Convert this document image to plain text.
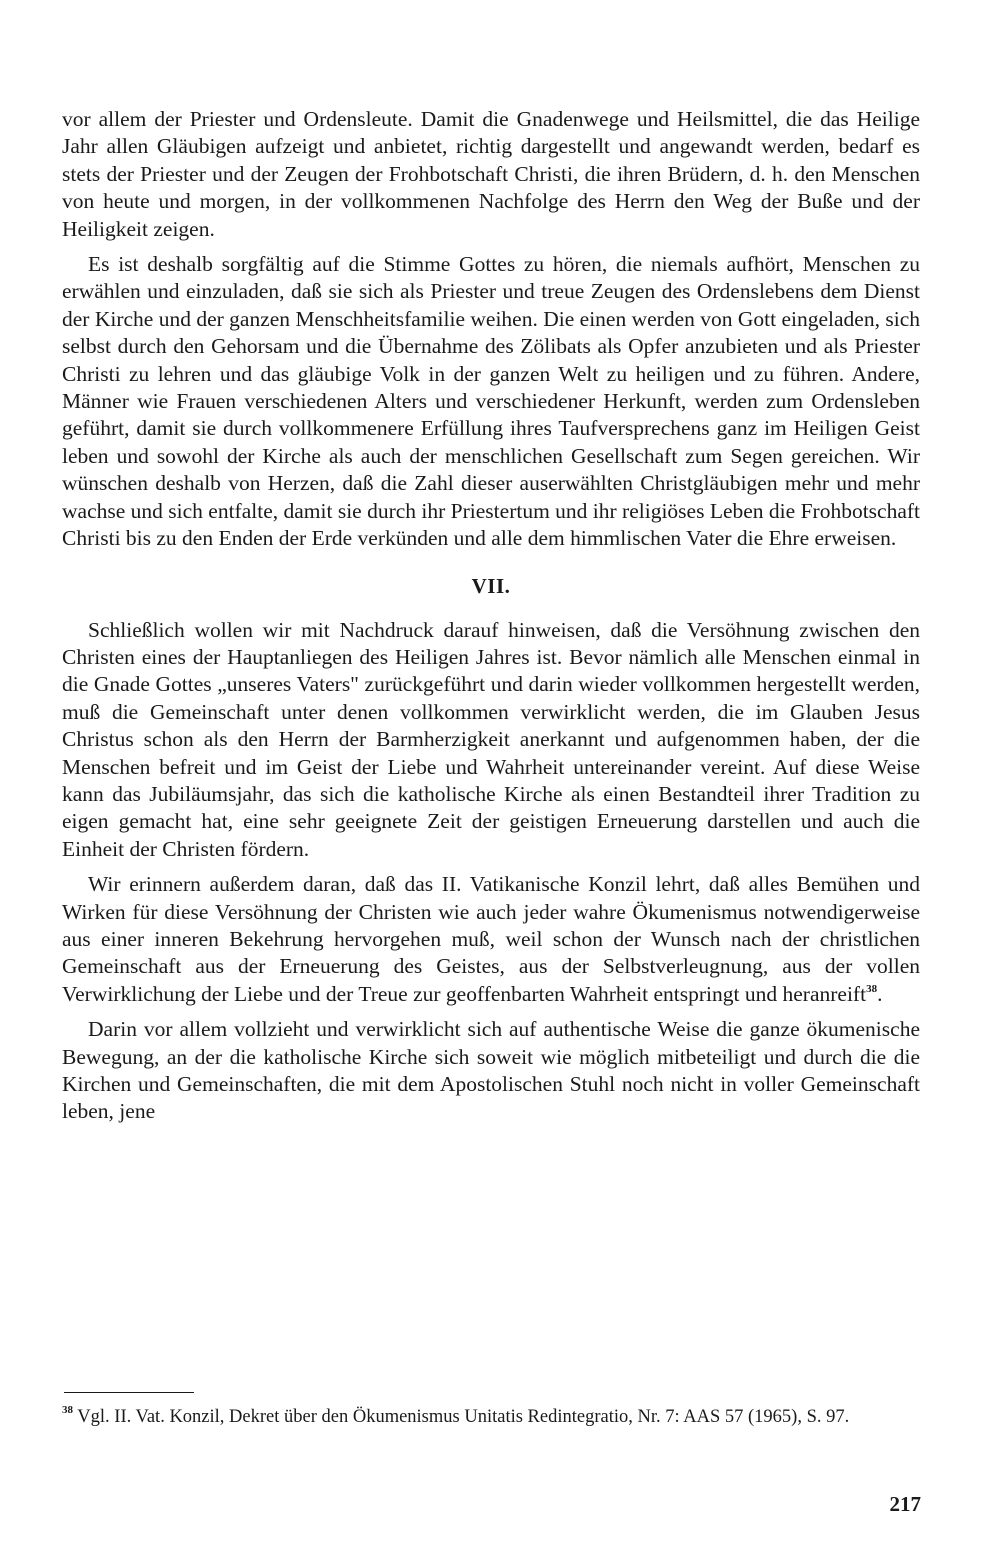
vor allem der Priester und Ordensleute. Damit die Gnadenwege und Heilsmittel, die das Heilige Jahr allen Gläubigen aufzeigt und anbietet, richtig dargestellt und angewandt werden, bedarf es stets der Priester und der Zeugen der Frohbotschaft Christi, die ihren Brüdern, d. h. den Menschen von heute und morgen, in der vollkommenen Nachfolge des Herrn den Weg der Buße und der Heiligkeit zeigen.

Es ist deshalb sorgfältig auf die Stimme Gottes zu hören, die niemals aufhört, Menschen zu erwählen und einzuladen, daß sie sich als Priester und treue Zeugen des Ordenslebens dem Dienst der Kirche und der ganzen Menschheitsfamilie weihen. Die einen werden von Gott eingeladen, sich selbst durch den Gehorsam und die Übernahme des Zölibats als Opfer anzubieten und als Priester Christi zu lehren und das gläubige Volk in der ganzen Welt zu heiligen und zu führen. Andere, Männer wie Frauen verschiedenen Alters und verschiedener Herkunft, werden zum Ordensleben geführt, damit sie durch vollkommenere Erfüllung ihres Taufversprechens ganz im Heiligen Geist leben und sowohl der Kirche als auch der menschlichen Gesellschaft zum Segen gereichen. Wir wünschen deshalb von Herzen, daß die Zahl dieser auserwählten Christgläubigen mehr und mehr wachse und sich entfalte, damit sie durch ihr Priestertum und ihr religiöses Leben die Frohbotschaft Christi bis zu den Enden der Erde verkünden und alle dem himmlischen Vater die Ehre erweisen.

VII.

Schließlich wollen wir mit Nachdruck darauf hinweisen, daß die Versöhnung zwischen den Christen eines der Hauptanliegen des Heiligen Jahres ist. Bevor nämlich alle Menschen einmal in die Gnade Gottes „unseres Vaters" zurückgeführt und darin wieder vollkommen hergestellt werden, muß die Gemeinschaft unter denen vollkommen verwirklicht werden, die im Glauben Jesus Christus schon als den Herrn der Barmherzigkeit anerkannt und aufgenommen haben, der die Menschen befreit und im Geist der Liebe und Wahrheit untereinander vereint. Auf diese Weise kann das Jubiläumsjahr, das sich die katholische Kirche als einen Bestandteil ihrer Tradition zu eigen gemacht hat, eine sehr geeignete Zeit der geistigen Erneuerung darstellen und auch die Einheit der Christen fördern.

Wir erinnern außerdem daran, daß das II. Vatikanische Konzil lehrt, daß alles Bemühen und Wirken für diese Versöhnung der Christen wie auch jeder wahre Ökumenismus notwendigerweise aus einer inneren Bekehrung hervorgehen muß, weil schon der Wunsch nach der christlichen Gemeinschaft aus der Erneuerung des Geistes, aus der Selbstverleugnung, aus der vollen Verwirklichung der Liebe und der Treue zur geoffenbarten Wahrheit entspringt und heranreift$^{38}$.

Darin vor allem vollzieht und verwirklicht sich auf authentische Weise die ganze ökumenische Bewegung, an der die katholische Kirche sich soweit wie möglich mitbeteiligt und durch die die Kirchen und Gemeinschaften, die mit dem Apostolischen Stuhl noch nicht in voller Gemeinschaft leben, jene

$^{38}$ Vgl. II. Vat. Konzil, Dekret über den Ökumenismus Unitatis Redintegratio, Nr. 7: AAS 57 (1965), S. 97.

217
